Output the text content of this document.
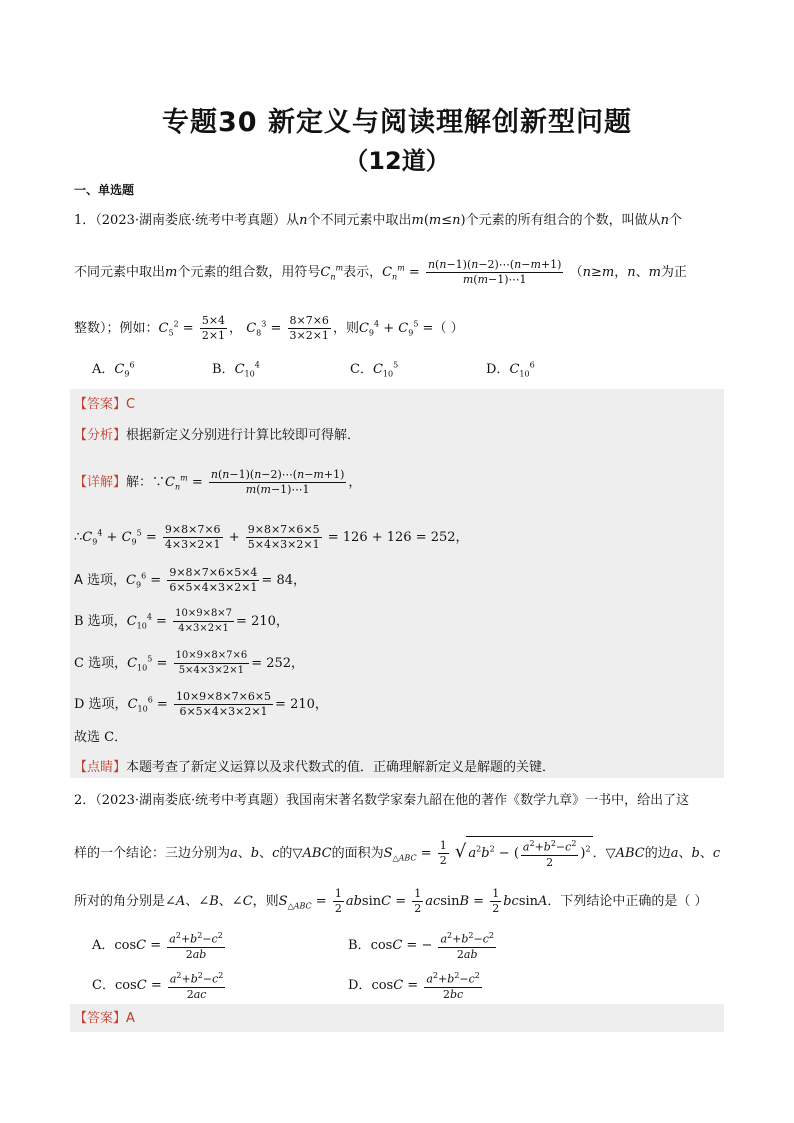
专题30 新定义与阅读理解创新型问题
（12道）
一、单选题
1．（2023·湖南娄底·统考中考真题）从n个不同元素中取出m(m≤n)个元素的所有组合的个数，叫做从n个
不同元素中取出m个元素的组合数，用符号$C_n^m$表示，$C_n^m = \frac{n(n-1)(n-2)\cdots(n-m+1)}{m(m-1)\cdots 1} (n\ge m$，n、m为正
整数）；例如：$C_5^2 = \frac{5\times 4}{2\times 1}$ ， $C_8^3 = \frac{8\times 7\times 6}{3\times 2\times 1}$ ，则$C_9^4 + C_9^5$ =（ ）
A．$C_9^6$	B．$C_{10}^4$	C．$C_{10}^5$	D．$C_{10}^6$
【答案】C
【分析】根据新定义分别进行计算比较即可得解．
【详解】解：$\because C_n^m = \frac{n(n-1)(n-2)\cdots(n-m+1)}{m(m-1)\cdots 1}$ ，
$\therefore C_9^4 + C_9^5 = \frac{9\times 8\times 7\times 6}{4\times 3\times 2\times 1} + \frac{9\times 8\times 7\times 6\times 5}{5\times 4\times 3\times 2\times 1} = 126 + 126 = 252$，
A 选项，$C_9^6 = \frac{9\times 8\times 7\times 6\times 5\times 4}{6\times 5\times 4\times 3\times 2\times 1} = 84$，
B 选项，$C_{10}^4 = \frac{10\times 9\times 8\times 7}{4\times 3\times 2\times 1} = 210$，
C 选项，$C_{10}^5 = \frac{10\times 9\times 8\times 7\times 6}{5\times 4\times 3\times 2\times 1} = 252$，
D 选项，$C_{10}^6 = \frac{10\times 9\times 8\times 7\times 6\times 5}{6\times 5\times 4\times 3\times 2\times 1} = 210$，
故选 C．
【点睛】本题考查了新定义运算以及求代数式的值．正确理解新定义是解题的关键．
2．（2023·湖南娄底·统考中考真题）我国南宋著名数学家秦九韶在他的著作《数学九章》一书中，给出了这
样的一个结论：三边分别为a、b、c的▽ABC的面积为$S_{\triangle ABC} = \frac{1}{2}$ √ $a^2b^2$ − ( $\frac{a^2+b^2-c^2}{2} )^2$ ．▽ABC的边a、b、c
所对的角分别是∠A、∠B、∠C，则$S_{\triangle ABC} = \frac{1}{2}$ $absinC = \frac{1}{2}$ $acsinB = \frac{1}{2}$ bcsinA．下列结论中正确的是（ ）
A．$\cos C = \frac{a^2+b^2-c^2}{2ab}$	B．cosC = − $\frac{a^2+b^2-c^2}{2ab}$
C．$\cos C = \frac{a^2+b^2-c^2}{2ac}$	D．$\cos C = \frac{a^2+b^2-c^2}{2bc}$
【答案】A
